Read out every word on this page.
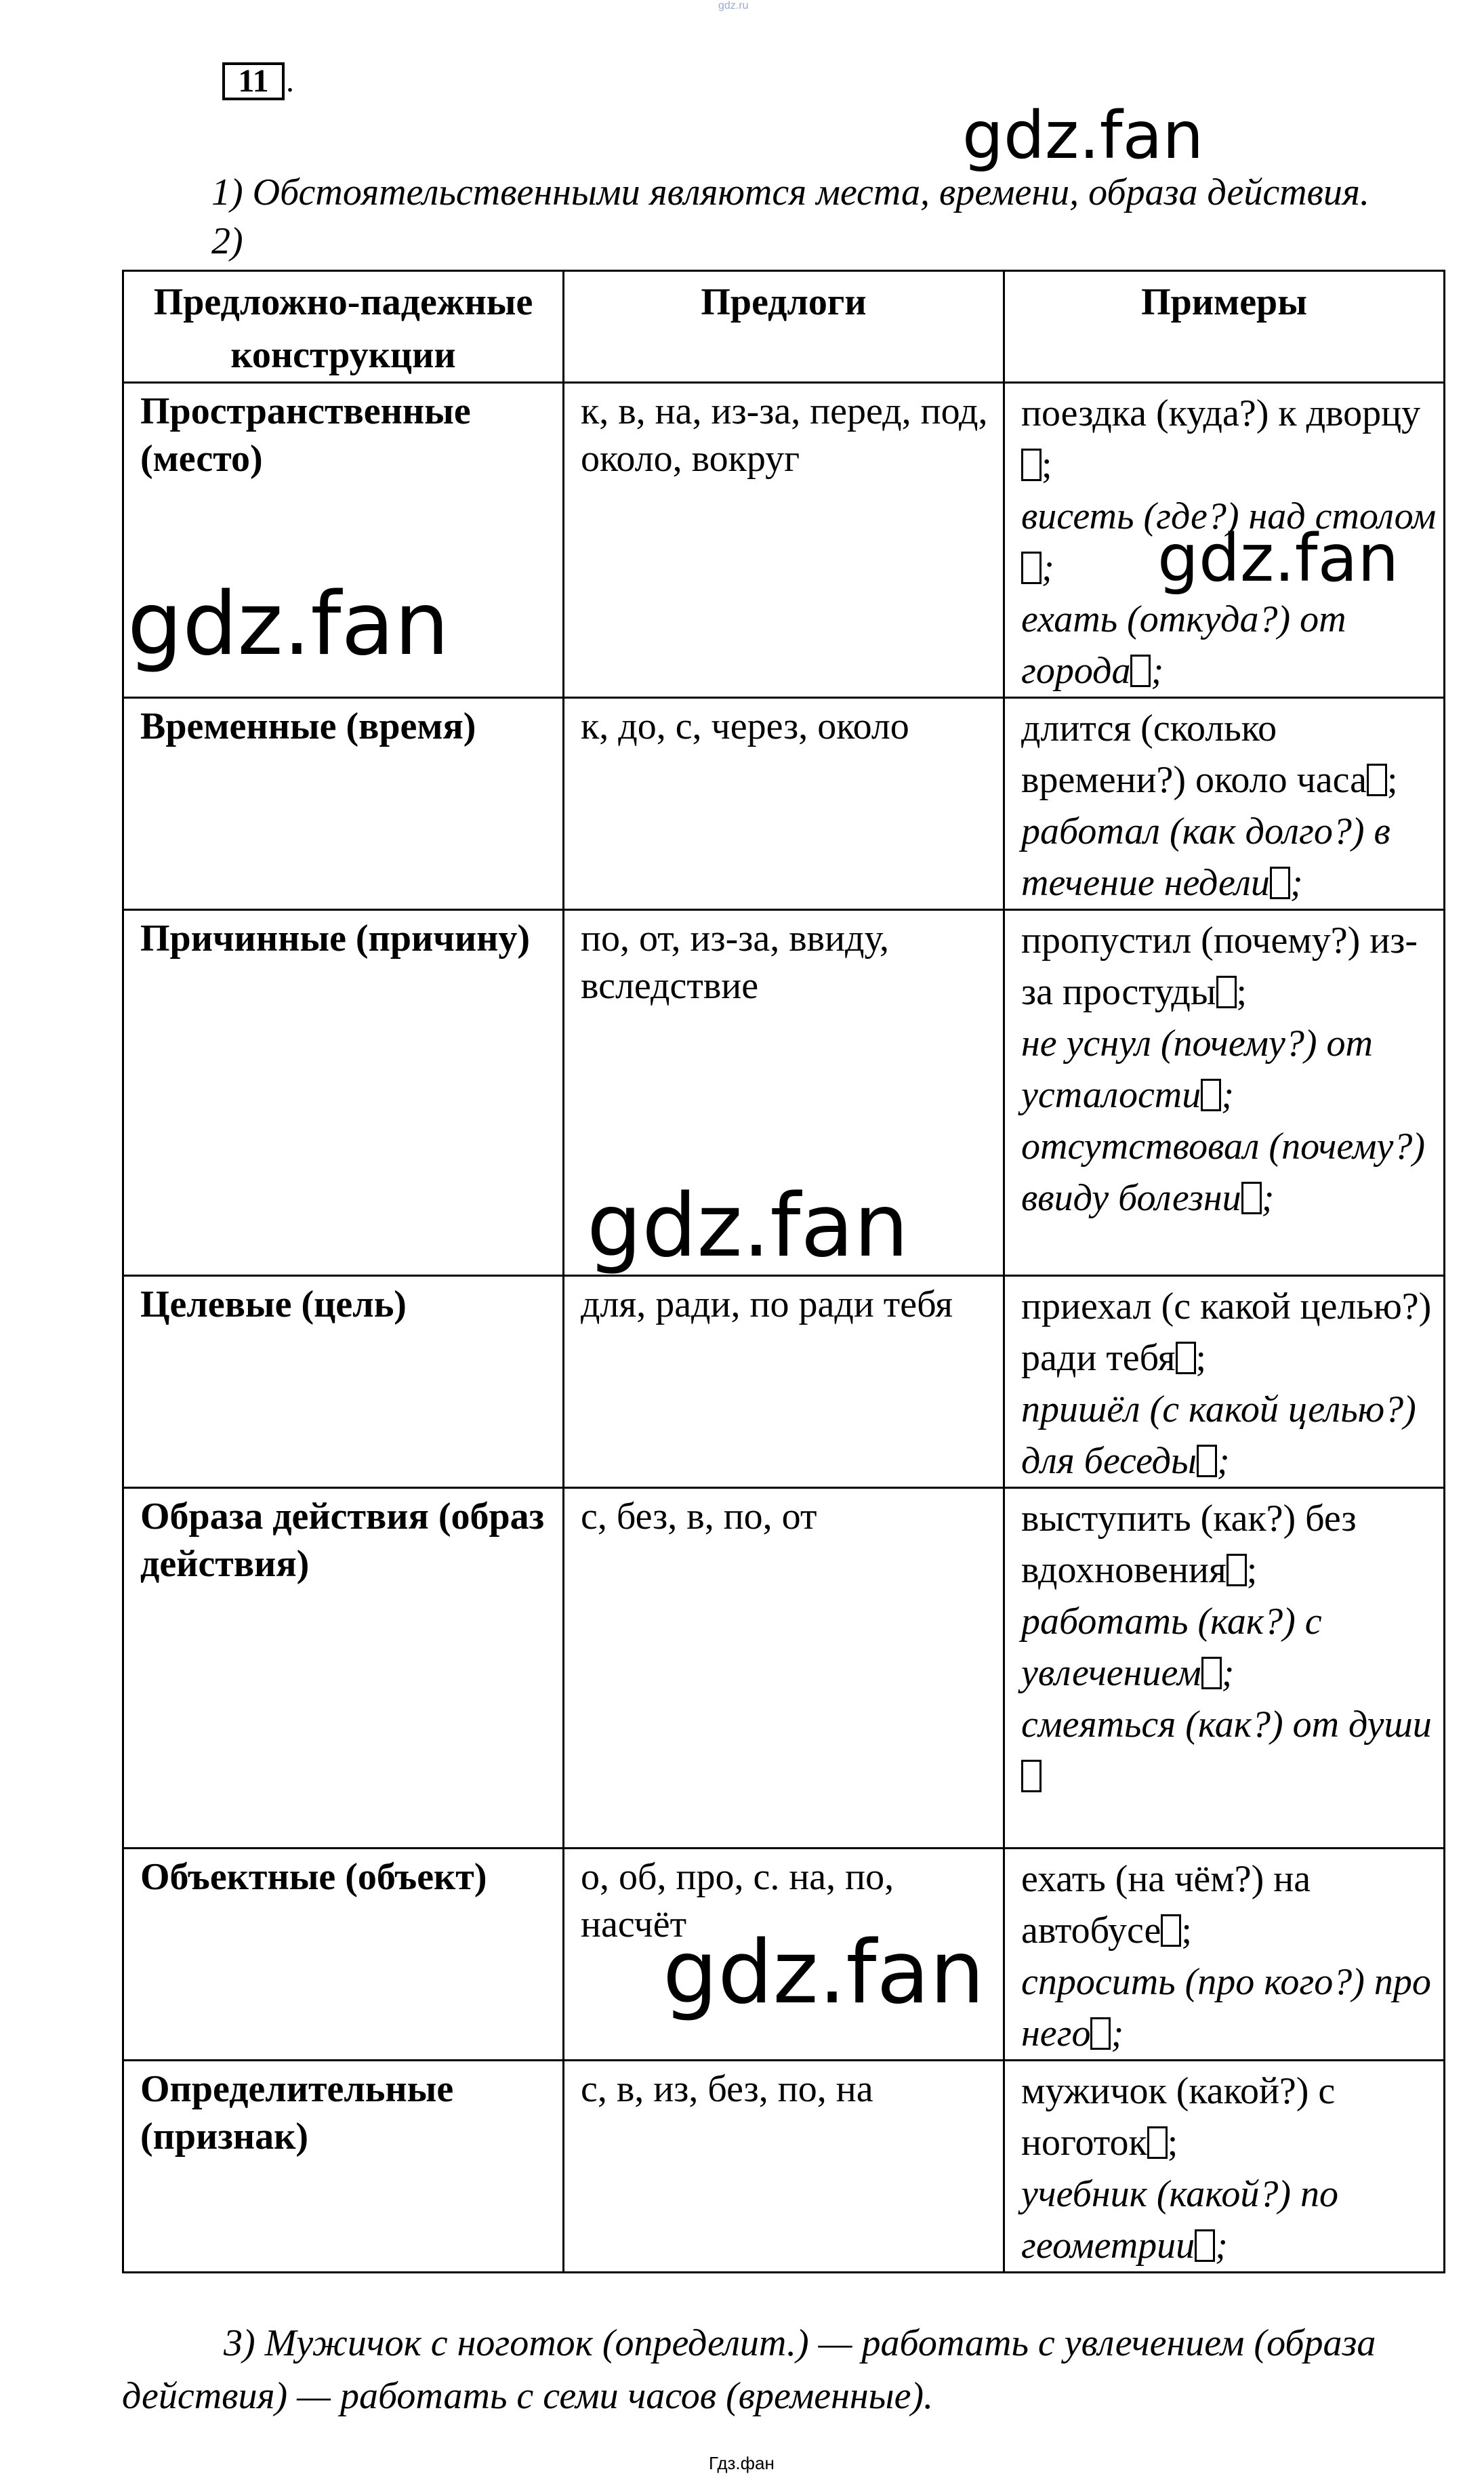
gdz.ru
11 .
1) Обстоятельственными являются места, времени, образа действия.
2)
Предложно-падежные конструкции	Предлоги	Примеры
Пространственные (место)	к, в, на, из-за, перед, под, около, вокруг	поездка (куда?) к дворцу;
висеть (где?) над столом;
ехать (откуда?) от города ;

Временные (время)	к, до, с, через, около	длится (сколько времени?) около часа ;
работал (как долго?) в течение недели ;

Причинные (причину)	по, от, из-за, ввиду, вследствие	пропустил (почему?) из-за простуды ;
не уснул (почему?) от усталости ;
отсутствовал (почему?) ввиду болезни ;

Целевые (цель)	для, ради, по ради тебя	приехал (с какой целью?) ради тебя ;
пришёл (с какой целью?) для беседы ;

Образа действия (образ действия)	с, без, в, по, от	выступить (как?) без вдохновения ;
работать (как?) с увлечением ;
смеяться (как?) от души

Объектные (объект)	о, об, про, с. на, по, насчёт	ехать (на чём?) на автобусе ;
спросить (про кого?) про него ;

Определительные (признак)	с, в, из, без, по, на	мужичок (какой?) с ноготок ;
учебник (какой?) по геометрии ;
gdz.fan
gdz.fan
gdz.fan
gdz.fan
gdz.fan
3) Мужичок с ноготок (определит.) — работать с увлечением (образа
действия) — работать с семи часов (временные).
Гдз.фан
